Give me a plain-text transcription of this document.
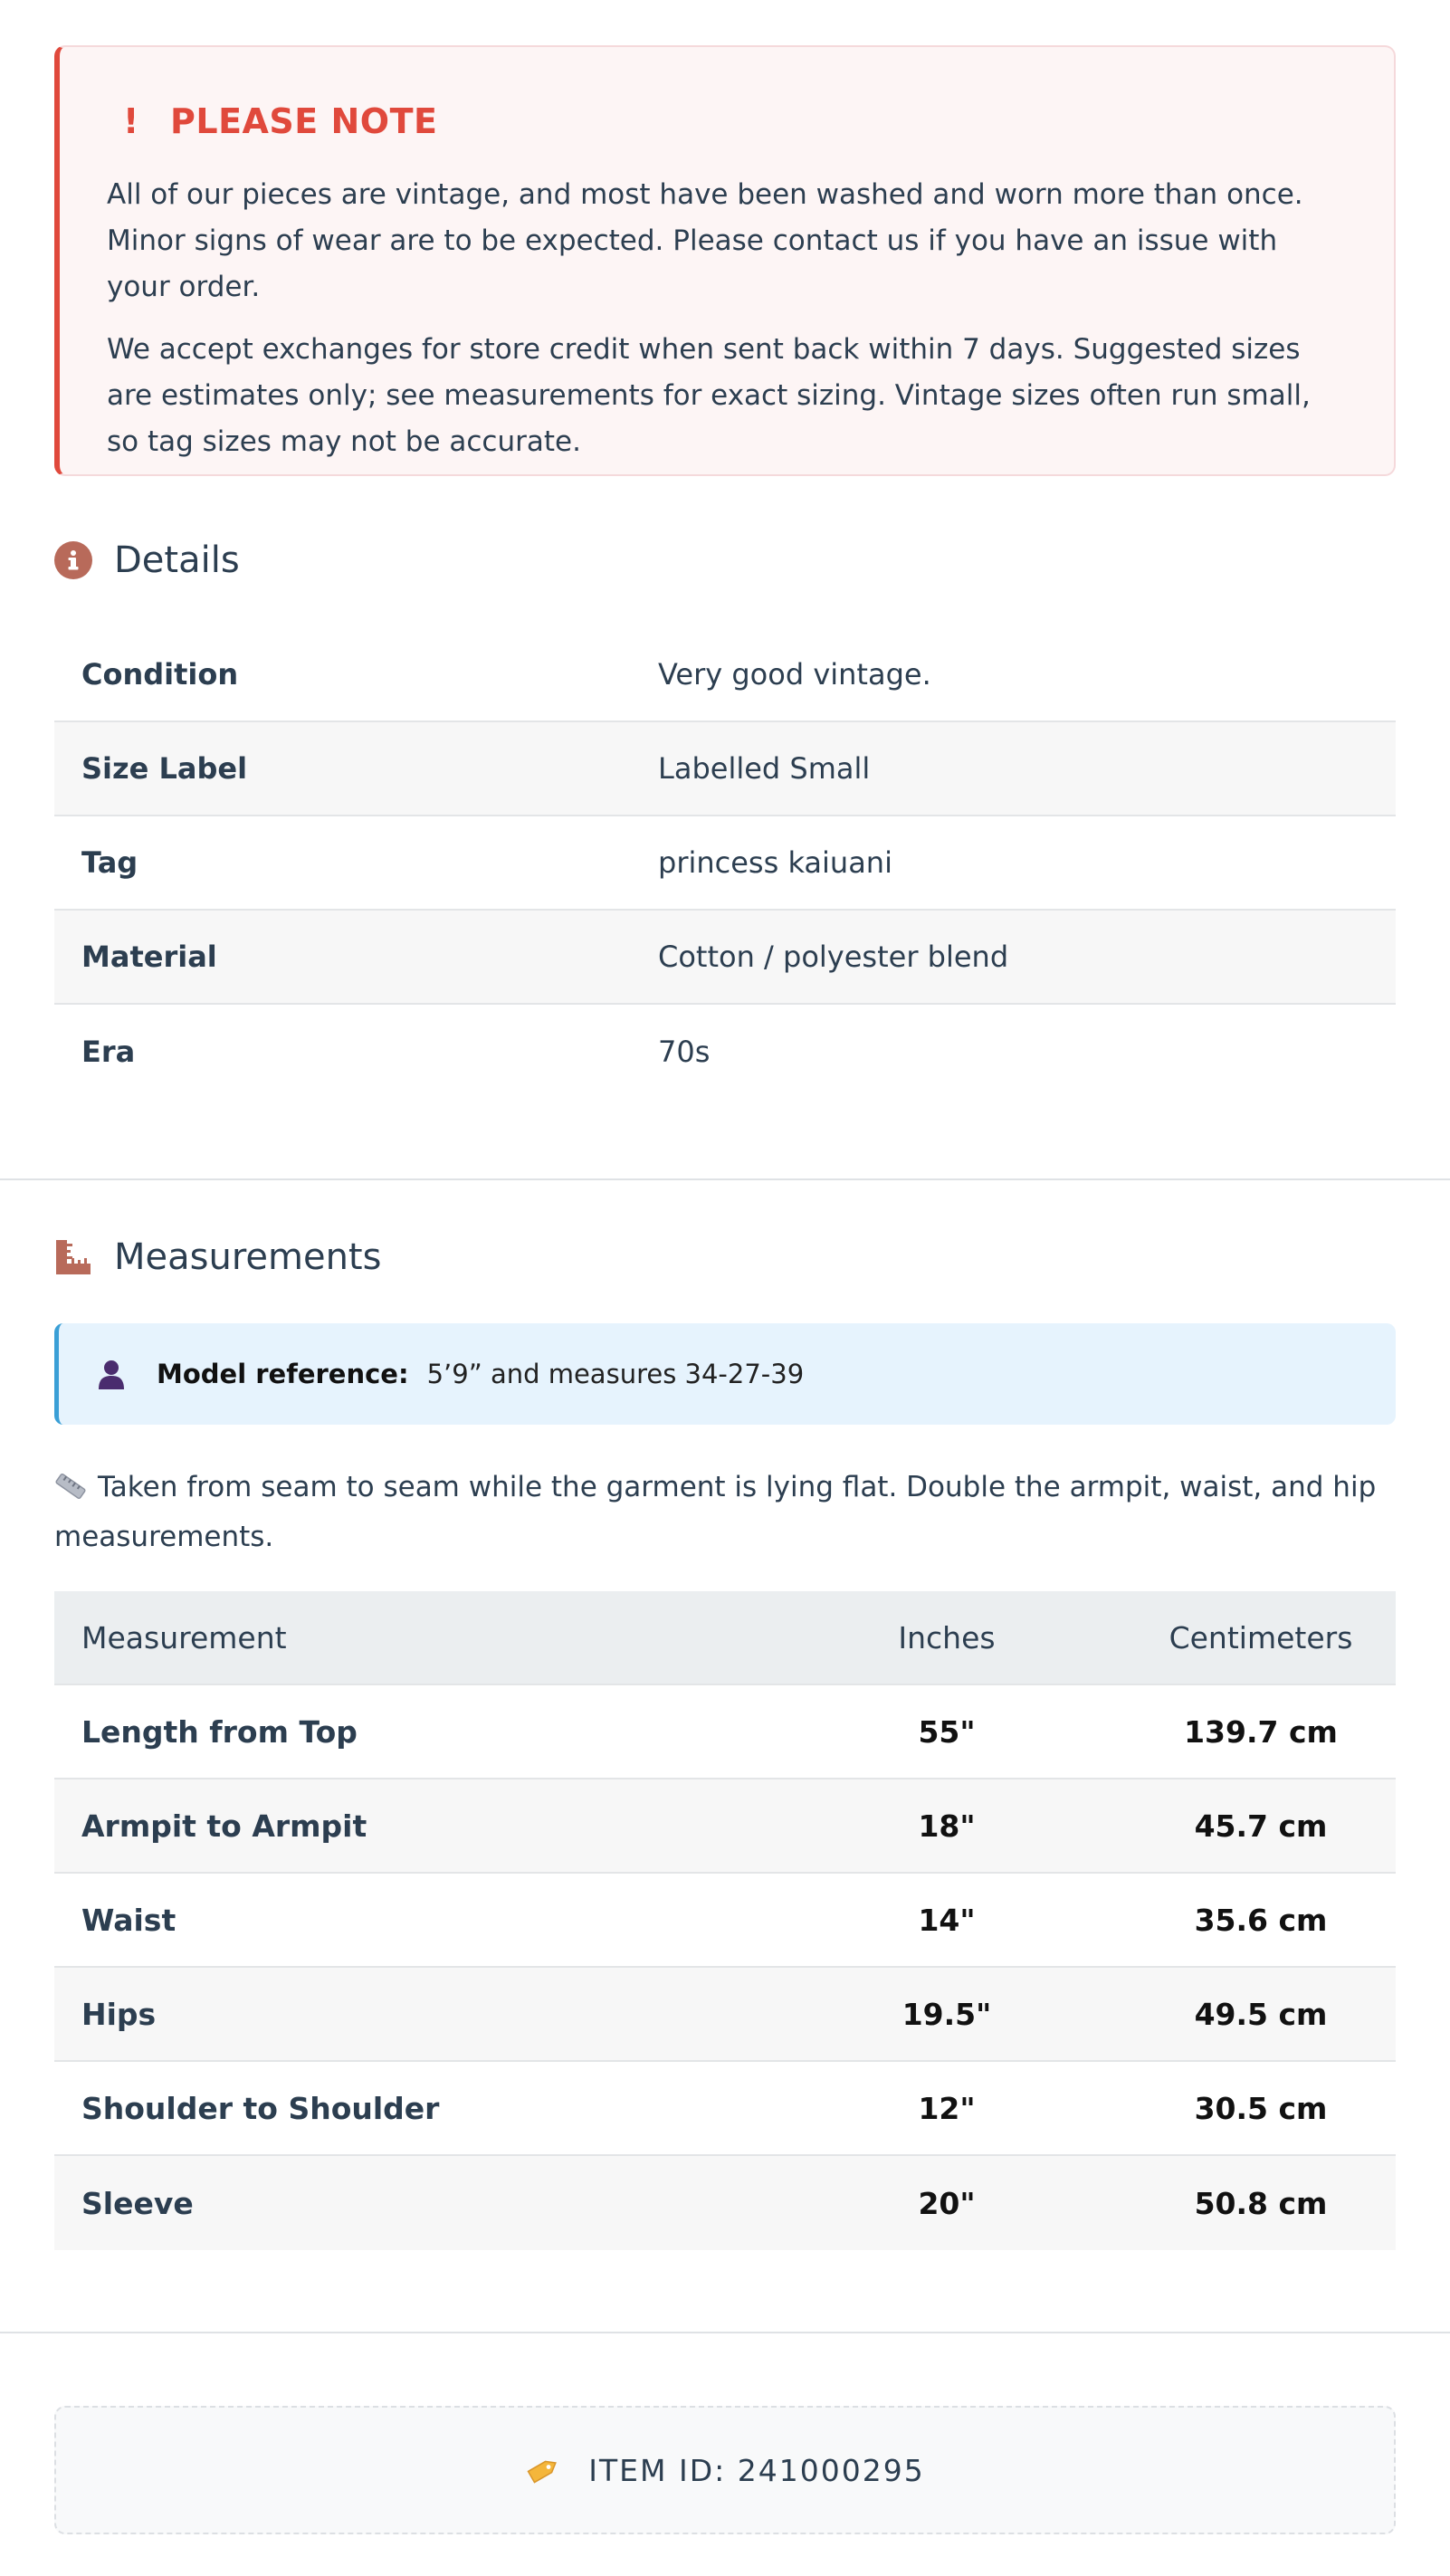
! PLEASE NOTE

All of our pieces are vintage, and most have been washed and worn more than once. Minor signs of wear are to be expected. Please contact us if you have an issue with your order.

We accept exchanges for store credit when sent back within 7 days. Suggested sizes are estimates only; see measurements for exact sizing. Vintage sizes often run small, so tag sizes may not be accurate.

Details
Condition	Very good vintage.
Size Label	Labelled Small
Tag	princess kaiuani
Material	Cotton / polyester blend
Era	70s
Measurements
Model reference: 5’9” and measures 34-27-39
Taken from seam to seam while the garment is lying flat. Double the armpit, waist, and hip measurements.
Measurement	Inches	Centimeters
Length from Top	55"	139.7 cm
Armpit to Armpit	18"	45.7 cm
Waist	14"	35.6 cm
Hips	19.5"	49.5 cm
Shoulder to Shoulder	12"	30.5 cm
Sleeve	20"	50.8 cm
ITEM ID: 241000295
